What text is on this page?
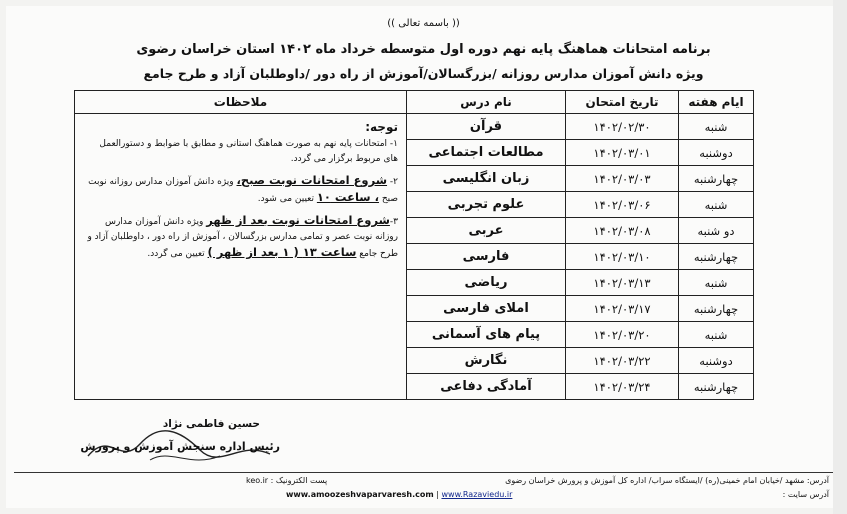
(( باسمه تعالی ))
برنامه امتحانات هماهنگ پایه نهم دوره اول متوسطه خرداد ماه ۱۴۰۲ استان خراسان رضوی
ویژه دانش آموزان مدارس روزانه /بزرگسالان/آموزش از راه دور /داوطلبان آزاد و طرح جامع
ایام هفته	تاریخ امتحان	نام درس	ملاحظات
شنبه	۱۴۰۲/۰۲/۳۰	قرآن	توجه:
۱- امتحانات پایه نهم به صورت هماهنگ استانی و مطابق با ضوابط و دستورالعمل های مربوط برگزار می گردد.
۲- شروع امتحانات نوبت صبح، ویژه دانش آموزان مدارس روزانه نوبت صبح ، ساعت ۱۰ تعیین می شود.
۳-شروع امتحانات نوبت بعد از ظهر ویژه دانش آموزان مدارس روزانه نوبت عصر و تمامی مدارس بزرگسالان ، آموزش از راه دور ، داوطلبان آزاد و طرح جامع ساعت ۱۳ ( ۱ بعد از ظهر ) تعیین می گردد.

دوشنبه	۱۴۰۲/۰۳/۰۱	مطالعات اجتماعی	
چهارشنبه	۱۴۰۲/۰۳/۰۳	زبان انگلیسی	
شنبه	۱۴۰۲/۰۳/۰۶	علوم تجربی	
دو شنبه	۱۴۰۲/۰۳/۰۸	عربی	
چهارشنبه	۱۴۰۲/۰۳/۱۰	فارسی	
شنبه	۱۴۰۲/۰۳/۱۳	ریاضی	
چهارشنبه	۱۴۰۲/۰۳/۱۷	املای فارسی	
شنبه	۱۴۰۲/۰۳/۲۰	پیام های آسمانی	
دوشنبه	۱۴۰۲/۰۳/۲۲	نگارش	
چهارشنبه	۱۴۰۲/۰۳/۲۴	آمادگی دفاعی	
حسین فاطمی نژاد
رئیس اداره سنجش آموزش و پرورش
آدرس: مشهد /خیابان امام خمینی(ره) /ایستگاه سراب/ اداره کل آموزش و پرورش خراسان رضوی
پست الکترونیک : keo.ir
آدرس سایت :
www.amoozeshvaparvaresh.com | www.Razaviedu.ir
